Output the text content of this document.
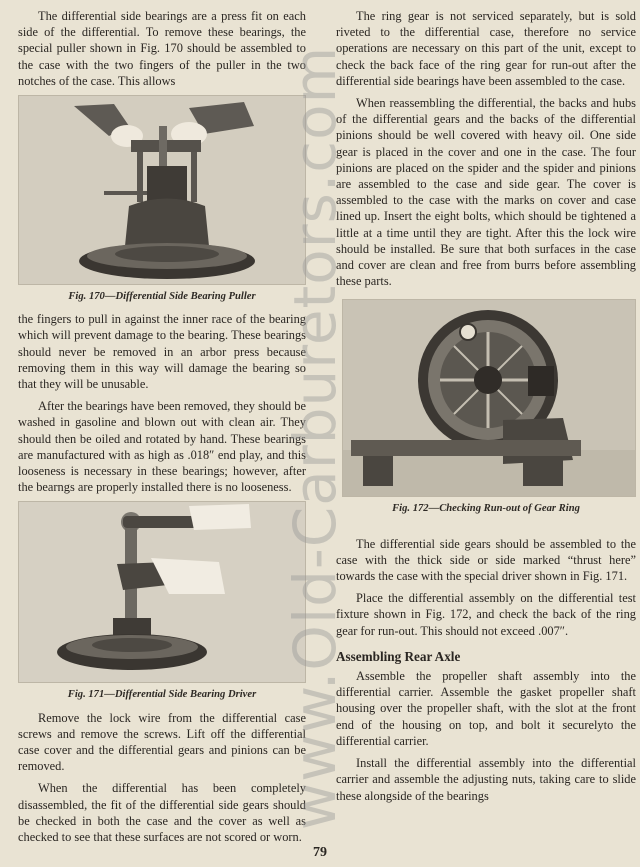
The differential side bearings are a press fit on each side of the differential. To remove these bearings, the special puller shown in Fig. 170 should be assembled to the case with the two fingers of the puller in the two notches of the case. This allows

Fig. 170—Differential Side Bearing Puller

the fingers to pull in against the inner race of the bearing which will prevent damage to the bearing. These bearings should never be removed in an arbor press because removing them in this way will damage the bearing so that they will be unusable.

After the bearings have been removed, they should be washed in gasoline and blown out with clean air. They should then be oiled and rotated by hand. These bearings are manufactured with as high as .018″ end play, and this looseness is necessary in these bearings; however, after the bearngs are properly installed there is no looseness.

Fig. 171—Differential Side Bearing Driver

Remove the lock wire from the differential case screws and remove the screws. Lift off the differential case cover and the differential gears and pinions can be removed.

When the differential has been completely disassembled, the fit of the differential side gears should be checked in both the case and the cover as well as checked to see that these surfaces are not scored or worn.

The ring gear is not serviced separately, but is sold riveted to the differential case, therefore no service operations are necessary on this part of the unit, except to check the back face of the ring gear for run-out after the differential side bearings have been assembled to the case.

When reassembling the differential, the backs and hubs of the differential gears and the backs of the differential pinions should be well covered with heavy oil. One side gear is placed in the cover and one in the case. The four pinions are placed on the spider and the spider and pinions are assembled to the case and side gear. The cover is assembled to the case with the marks on cover and case lined up. Insert the eight bolts, which should be tightened a little at a time until they are tight. After this the lock wire should be installed. Be sure that both surfaces in the case and cover are clean and free from burrs before assembling these parts.

Fig. 172—Checking Run-out of Gear Ring

The differential side gears should be assembled to the case with the thick side or side marked “thrust here” towards the case with the special driver shown in Fig. 171.

Place the differential assembly on the differential test fixture shown in Fig. 172, and check the back of the ring gear for run-out. This should not exceed .007″.

Assembling Rear Axle

Assemble the propeller shaft assembly into the differential carrier. Assemble the gasket propeller shaft housing over the propeller shaft, with the slot at the front end of the housing on top, and bolt it securelyto the differential carrier.

Install the differential assembly into the differential carrier and assemble the adjusting nuts, taking care to slide these alongside of the bearings

www.Old-Carburetors.com
79
